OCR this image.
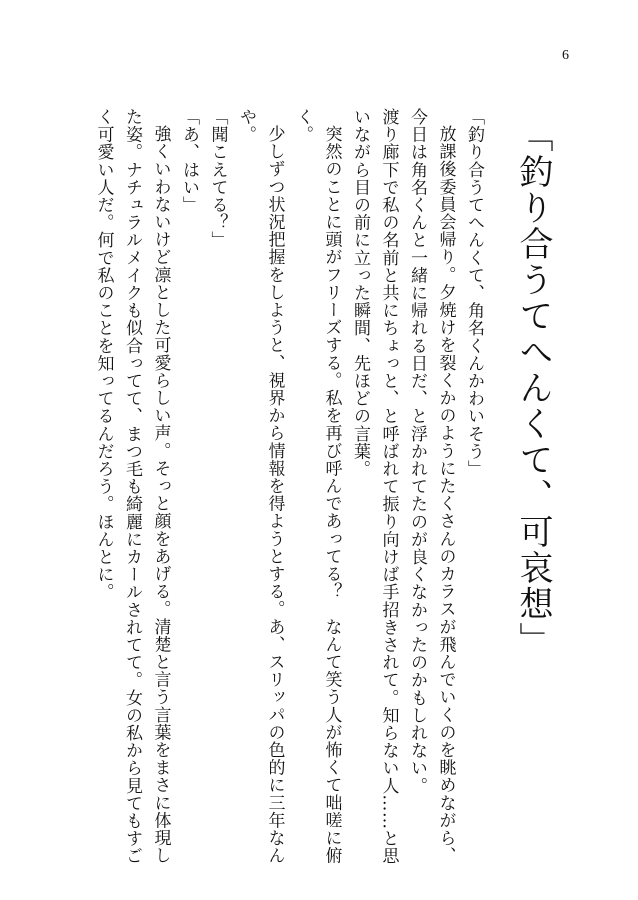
6
「釣り合うてへんくて、可哀想」

「釣り合うてへんくて、角名くんかわいそう」

放課後委員会帰り。夕焼けを裂くかのようにたくさんのカラスが飛んでいくのを眺めながら、今日は角名くんと一緒に帰れる日だ、と浮かれてたのが良くなかったのかもしれない。

渡り廊下で私の名前と共にちょっと、と呼ばれて振り向けば手招きされて。知らない人……と思いながら目の前に立った瞬間、先ほどの言葉。

突然のことに頭がフリーズする。私を再び呼んであってる？　なんて笑う人が怖くて咄嗟に俯く。

少しずつ状況把握をしようと、視界から情報を得ようとする。あ、スリッパの色的に三年なんや。

「聞こえてる？」

「あ、はい」

強くいわないけど凛とした可愛らしい声。そっと顔をあげる。清楚と言う言葉をまさに体現した姿。ナチュラルメイクも似合ってて、まつ毛も綺麗にカールされてて。女の私から見てもすごく可愛い人だ。何で私のことを知ってるんだろう。ほんとに。
